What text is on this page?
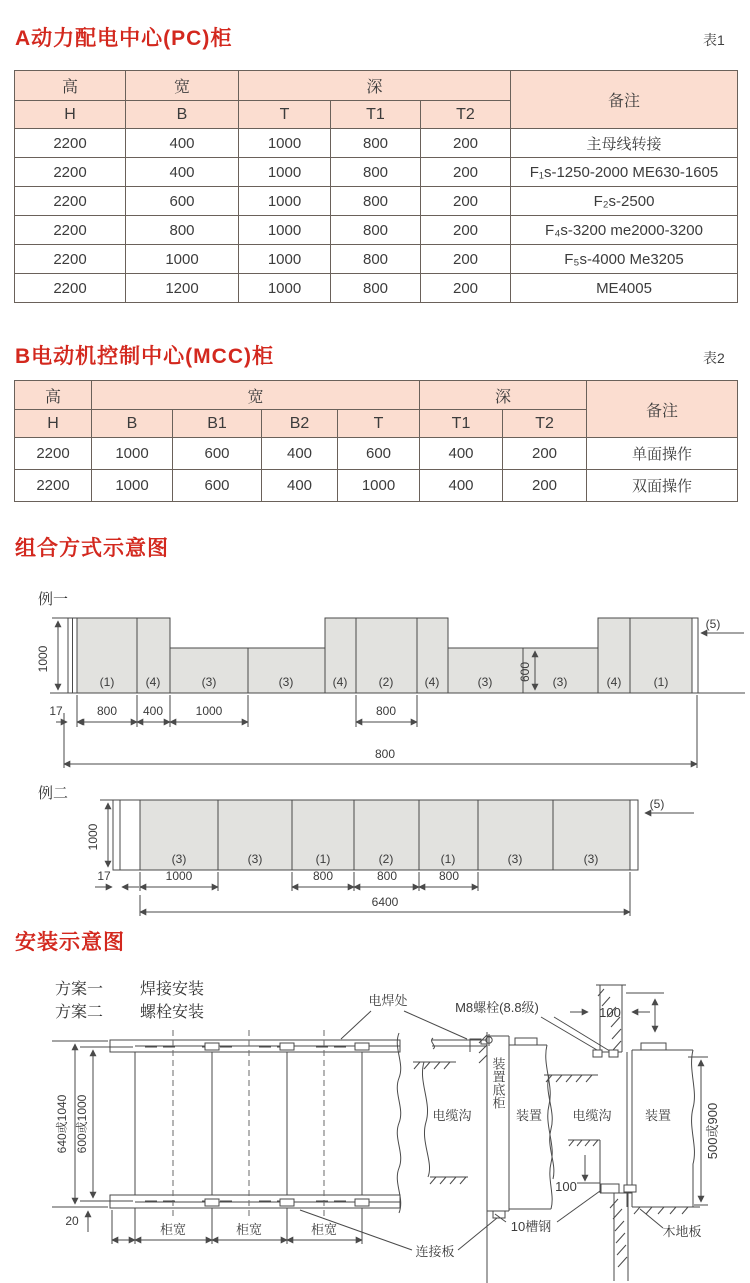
A动力配电中心(PC)柜	表1
高	宽	深			备注
H	B	T	T1	T2	
2200	400	1000	800	200	主母线转接
2200	400	1000	800	200	F₁s-1250-2000 ME630-1605
2200	600	1000	800	200	F₂s-2500
2200	800	1000	800	200	F₄s-3200 me2000-3200
2200	1000	1000	800	200	F₅s-4000 Me3205
2200	1200	1000	800	200	ME4005
B电动机控制中心(MCC)柜	表2
高	宽				深		备注
H	B	B1	B2	T	T1	T2	
2200	1000	600	400	600	400	200	单面操作
2200	1000	600	400	1000	400	200	双面操作
组合方式示意图
例一
(1)	(4)	(3)	(3)	(4)	(2)	(4)	(3)	(3)	(4)	(1)
1000	600
(5)
17	800 400	1000	800
800
例二
(3)	(3)	(1)	(2)	(1)	(3)	(3)
1000
(5)
17	1000	800	800	800
6400
安装示意图
方案一 焊接安装
方案二 螺栓安装
电焊处	M8螺栓(8.8级)	100
电缆沟	装置 电缆沟	装置
装置底柜
500或900
640或1040 600或1000
20
柜宽	柜宽	柜宽
100
10槽钢	木地板
连接板
